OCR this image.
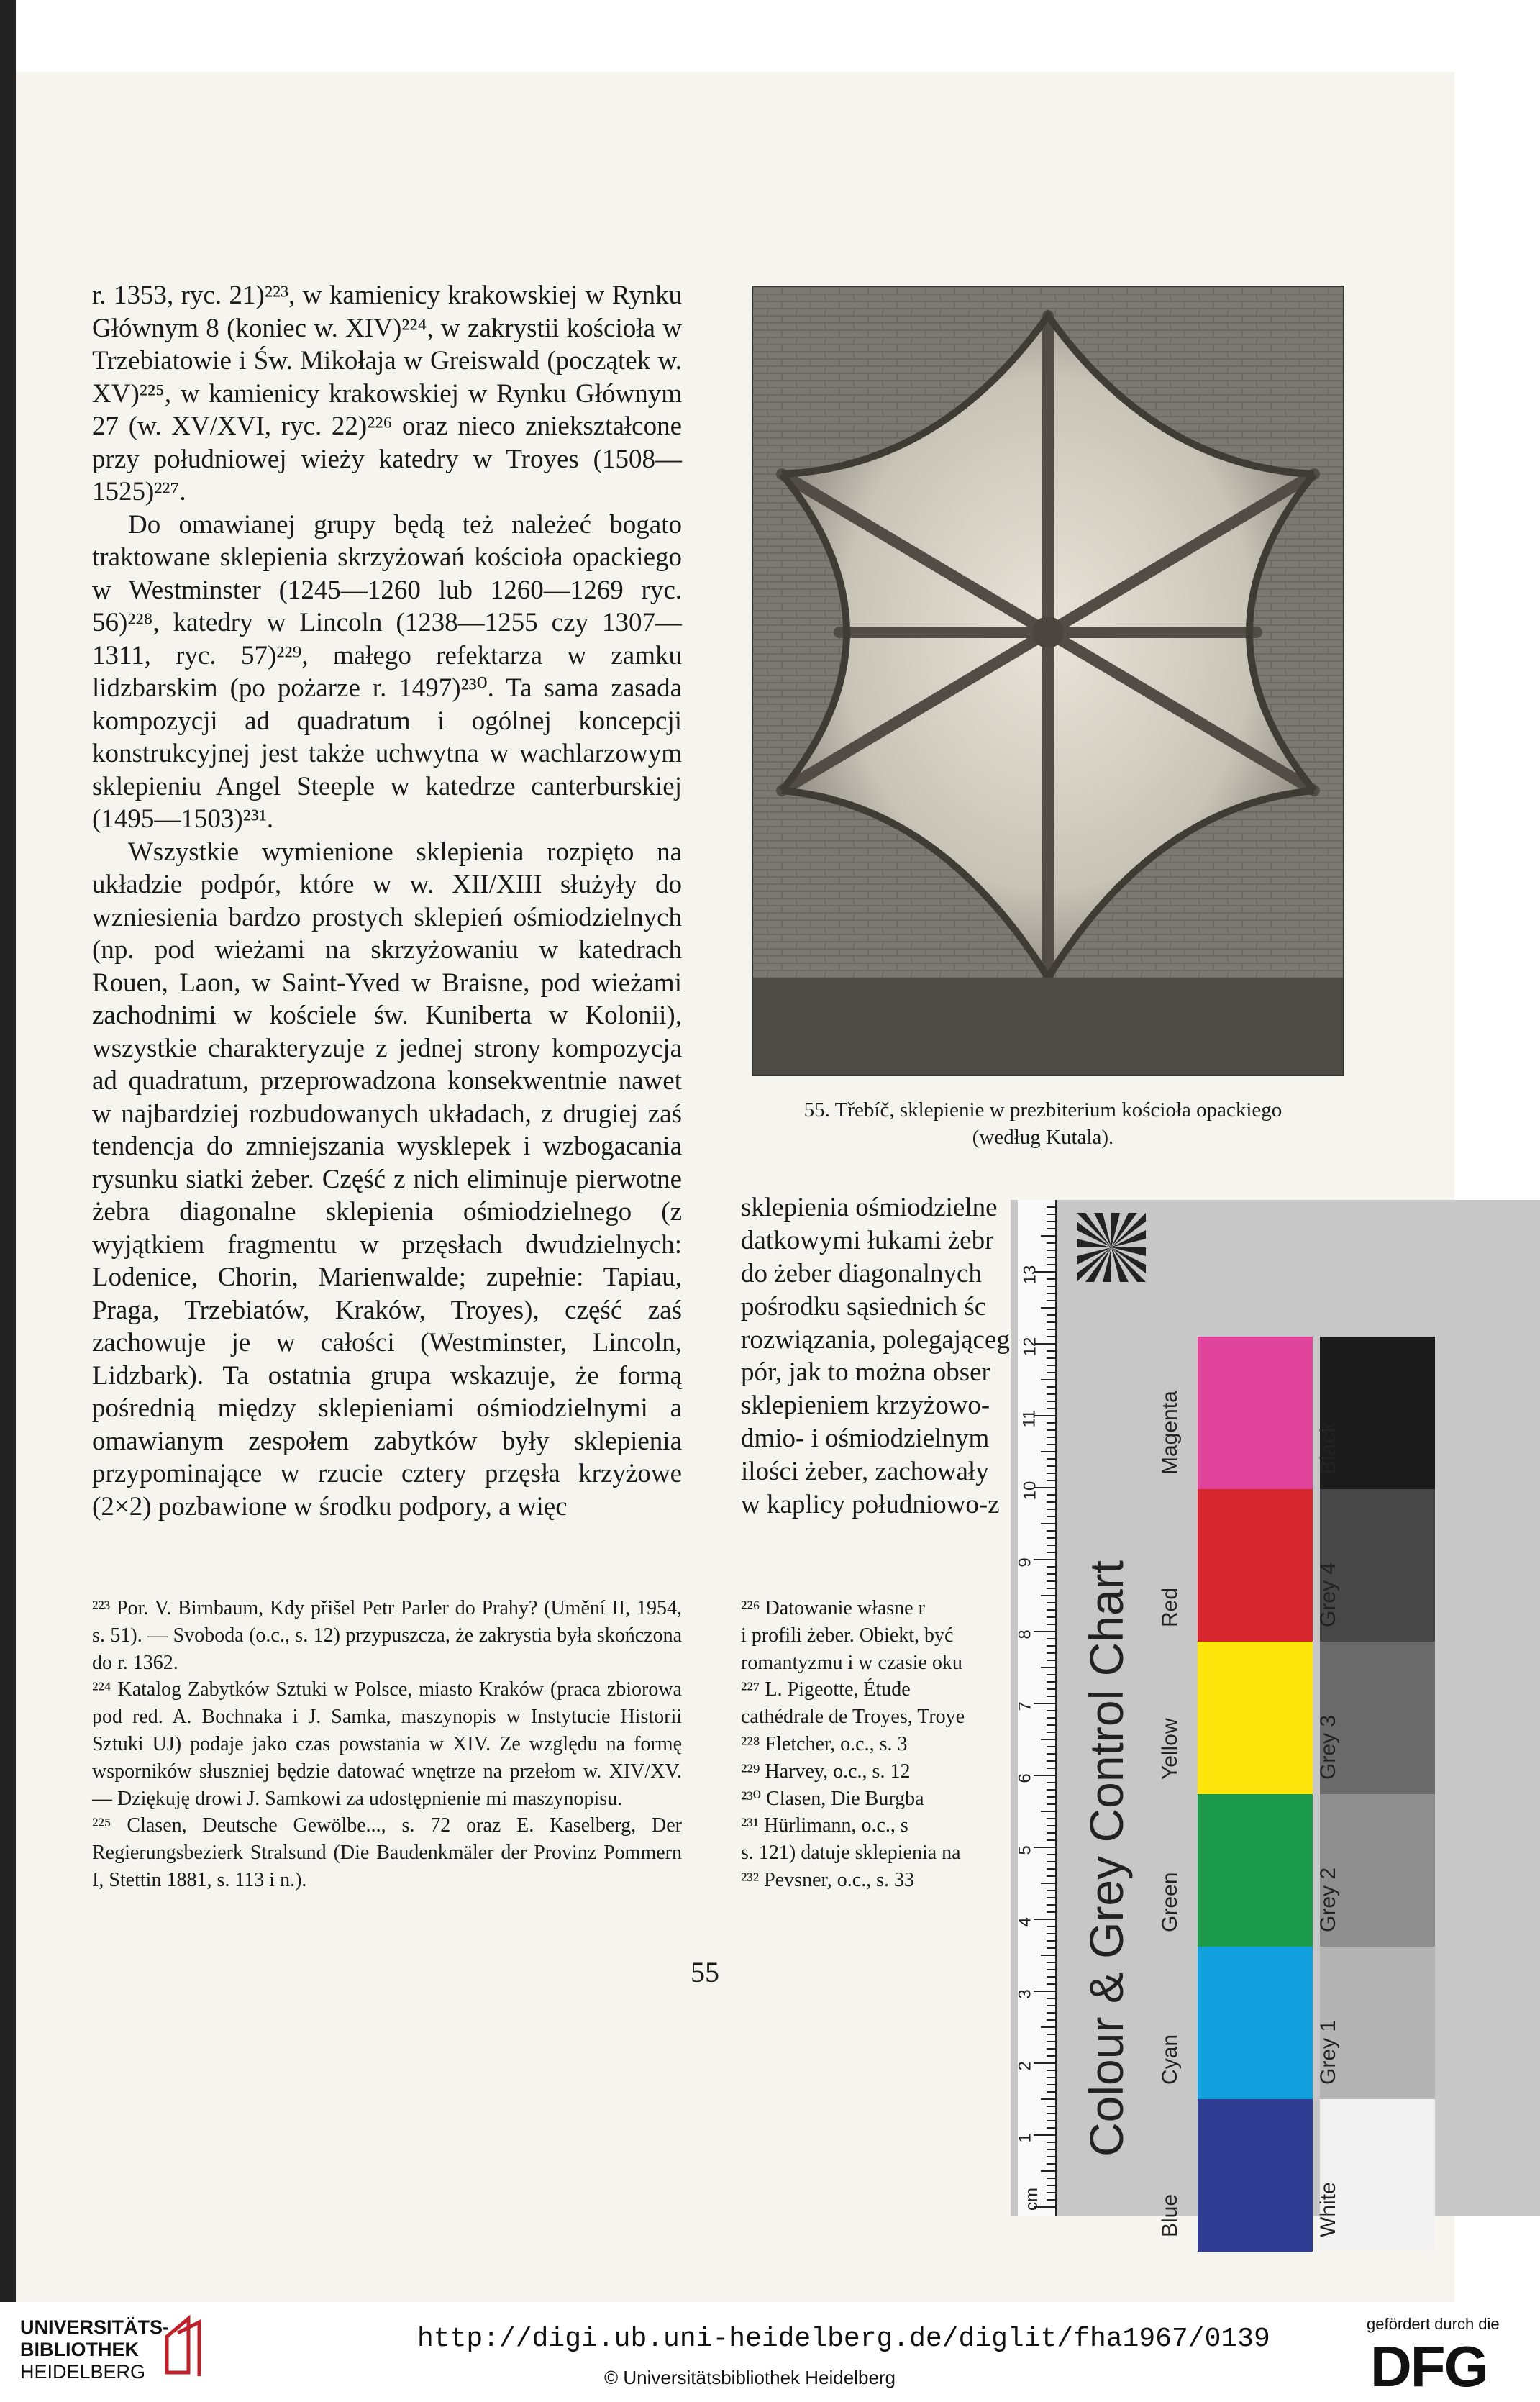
r. 1353, ryc. 21)²²³, w kamienicy krakowskiej w Rynku Głównym 8 (koniec w. XIV)²²⁴, w zakrystii kościoła w Trzebiatowie i Św. Mikołaja w Greiswald (początek w. XV)²²⁵, w kamienicy krakowskiej w Rynku Głównym 27 (w. XV/XVI, ryc. 22)²²⁶ oraz nieco zniekształcone przy południowej wieży katedry w Troyes (1508—1525)²²⁷.

Do omawianej grupy będą też należeć bogato traktowane sklepienia skrzyżowań kościoła opackiego w Westminster (1245—1260 lub 1260—1269 ryc. 56)²²⁸, katedry w Lincoln (1238—1255 czy 1307—1311, ryc. 57)²²⁹, małego refektarza w zamku lidzbarskim (po pożarze r. 1497)²³⁰. Ta sama zasada kompozycji ad quadratum i ogólnej koncepcji konstrukcyjnej jest także uchwytna w wachlarzowym sklepieniu Angel Steeple w katedrze canterburskiej (1495—1503)²³¹.

Wszystkie wymienione sklepienia rozpięto na układzie podpór, które w w. XII/XIII służyły do wzniesienia bardzo prostych sklepień ośmiodzielnych (np. pod wieżami na skrzyżowaniu w katedrach Rouen, Laon, w Saint-Yved w Braisne, pod wieżami zachodnimi w kościele św. Kuniberta w Kolonii), wszystkie charakteryzuje z jednej strony kompozycja ad quadratum, przeprowadzona konsekwentnie nawet w najbardziej rozbudowanych układach, z drugiej zaś tendencja do zmniejszania wysklepek i wzbogacania rysunku siatki żeber. Część z nich eliminuje pierwotne żebra diagonalne sklepienia ośmiodzielnego (z wyjątkiem fragmentu w przęsłach dwudzielnych: Lodenice, Chorin, Marienwalde; zupełnie: Tapiau, Praga, Trzebiatów, Kraków, Troyes), część zaś zachowuje je w całości (Westminster, Lincoln, Lidzbark). Ta ostatnia grupa wskazuje, że formą pośrednią między sklepieniami ośmiodzielnymi a omawianym zespołem zabytków były sklepienia przypominające w rzucie cztery przęsła krzyżowe (2×2) pozbawione w środku podpory, a więc

55. Třebíč, sklepienie w prezbiterium kościoła opackiego
(według Kutala).
sklepienia ośmiodzielne
datkowymi łukami żebr
do żeber diagonalnych
pośrodku sąsiednich śc
rozwiązania, polegająceg
pór, jak to można obser
sklepieniem krzyżowo-
dmio- i ośmiodzielnym
ilości żeber, zachowały
w kaplicy południowo-z

²²³ Por. V. Birnbaum, Kdy přišel Petr Parler do Prahy? (Umění II, 1954, s. 51). — Svoboda (o.c., s. 12) przypuszcza, że zakrystia była skończona do r. 1362.

²²⁴ Katalog Zabytków Sztuki w Polsce, miasto Kraków (praca zbiorowa pod red. A. Bochnaka i J. Samka, maszynopis w Instytucie Historii Sztuki UJ) podaje jako czas powstania w XIV. Ze względu na formę wsporników słuszniej będzie datować wnętrze na przełom w. XIV/XV. — Dziękuję drowi J. Samkowi za udostępnienie mi maszynopisu.

²²⁵ Clasen, Deutsche Gewölbe..., s. 72 oraz E. Kaselberg, Der Regierungsbezierk Stralsund (Die Baudenkmäler der Provinz Pommern I, Stettin 1881, s. 113 i n.).

²²⁶ Datowanie własne r

i profili żeber. Obiekt, być

romantyzmu i w czasie oku

²²⁷ L. Pigeotte, Étude

cathédrale de Troyes, Troye

²²⁸ Fletcher, o.c., s. 3

²²⁹ Harvey, o.c., s. 12

²³⁰ Clasen, Die Burgba

²³¹ Hürlimann, o.c., s

s. 121) datuje sklepienia na

²³² Pevsner, o.c., s. 33

55
1
2
3
4
5
6
7
8
9
10
11
12
13
cm
Colour & Grey Control Chart
Magenta
Red
Yellow
Green
Cyan
Blue
Black
Grey 4
Grey 3
Grey 2
Grey 1
White
UNIVERSITÄTS-
BIBLIOTHEK
HEIDELBERG
http://digi.ub.uni-heidelberg.de/diglit/fha1967/0139
© Universitätsbibliothek Heidelberg
gefördert durch die
DFG
